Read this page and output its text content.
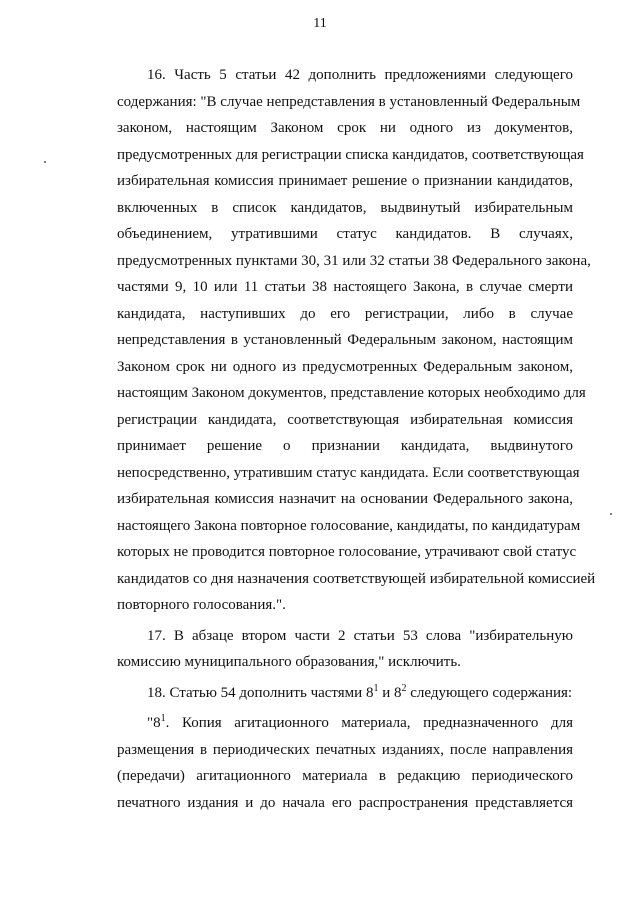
11
16. Часть 5 статьи 42 дополнить предложениями следующего
содержания: "В случае непредставления в установленный Федеральным
законом, настоящим Законом срок ни одного из документов,
предусмотренных для регистрации списка кандидатов, соответствующая
избирательная комиссия принимает решение о признании кандидатов,
включенных в список кандидатов, выдвинутый избирательным
объединением, утратившими статус кандидатов. В случаях,
предусмотренных пунктами 30, 31 или 32 статьи 38 Федерального закона,
частями 9, 10 или 11 статьи 38 настоящего Закона, в случае смерти
кандидата, наступивших до его регистрации, либо в случае
непредставления в установленный Федеральным законом, настоящим
Законом срок ни одного из предусмотренных Федеральным законом,
настоящим Законом документов, представление которых необходимо для
регистрации кандидата, соответствующая избирательная комиссия
принимает решение о признании кандидата, выдвинутого
непосредственно, утратившим статус кандидата. Если соответствующая
избирательная комиссия назначит на основании Федерального закона,
настоящего Закона повторное голосование, кандидаты, по кандидатурам
которых не проводится повторное голосование, утрачивают свой статус
кандидатов со дня назначения соответствующей избирательной комиссией
повторного голосования.".
17. В абзаце втором части 2 статьи 53 слова "избирательную
комиссию муниципального образования," исключить.
18. Статью 54 дополнить частями $8^1$ и $8^2$ следующего содержания:
"$8^1$. Копия агитационного материала, предназначенного для
размещения в периодических печатных изданиях, после направления
(передачи) агитационного материала в редакцию периодического
печатного издания и до начала его распространения представляется
